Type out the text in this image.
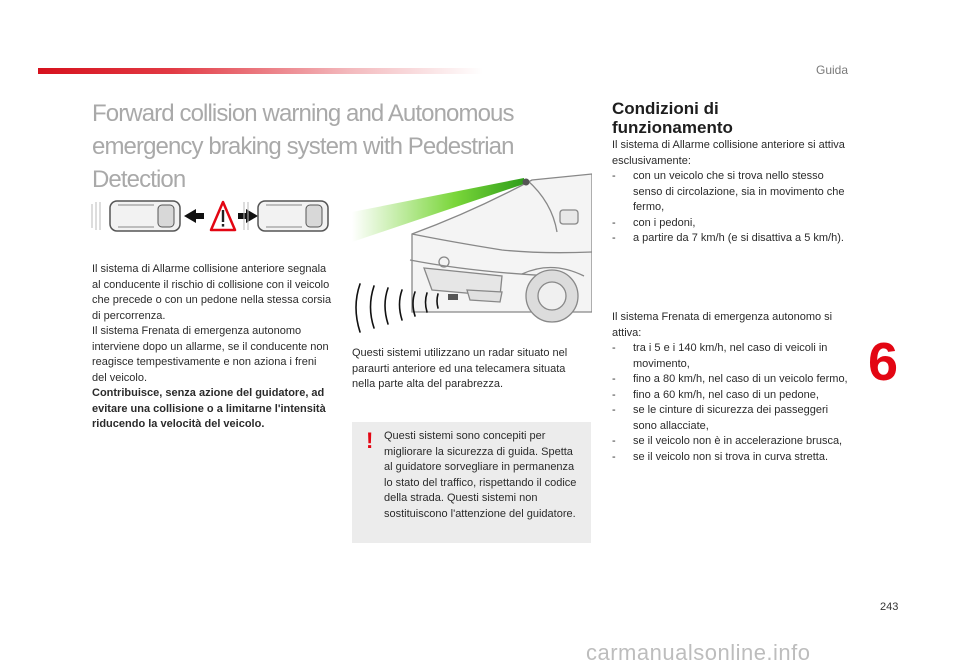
Guida
Forward collision warning and Autonomous
emergency braking system with Pedestrian Detection

Il sistema di Allarme collisione anteriore segnala al conducente il rischio di collisione con il veicolo che precede o con un pedone nella stessa corsia di percorrenza.

Il sistema Frenata di emergenza autonomo interviene dopo un allarme, se il conducente non reagisce tempestivamente e non aziona i freni del veicolo.

Contribuisce, senza azione del guidatore, ad evitare una collisione o a limitarne l'intensità riducendo la velocità del veicolo.

Questi sistemi utilizzano un radar situato nel paraurti anteriore ed una telecamera situata nella parte alta del parabrezza.

! Questi sistemi sono concepiti per migliorare la sicurezza di guida. Spetta al guidatore sorvegliare in permanenza lo stato del traffico, rispettando il codice della strada. Questi sistemi non sostituiscono l'attenzione del guidatore.
Condizioni di
funzionamento

Il sistema di Allarme collisione anteriore si attiva esclusivamente:

- con un veicolo che si trova nello stesso senso di circolazione, sia in movimento che fermo,
- con i pedoni,
- a partire da 7 km/h (e si disattiva a 5 km/h).

Il sistema Frenata di emergenza autonomo si attiva:

- tra i 5 e i 140 km/h, nel caso di veicoli in movimento,
- fino a 80 km/h, nel caso di un veicolo fermo,
- fino a 60 km/h, nel caso di un pedone,
- se le cinture di sicurezza dei passeggeri sono allacciate,
- se il veicolo non è in accelerazione brusca,
- se il veicolo non si trova in curva stretta.
6
243
carmanualsonline.info
